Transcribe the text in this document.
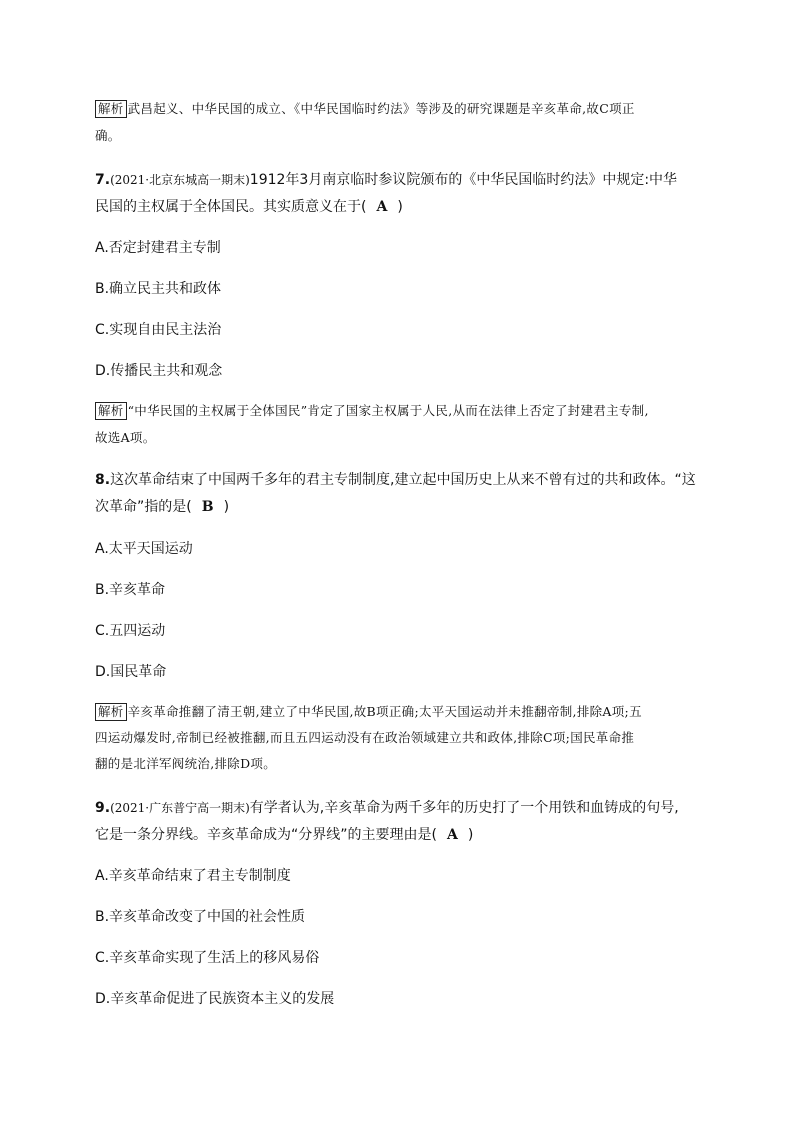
解析 武昌起义、中华民国的成立、《中华民国临时约法》等涉及的研究课题是辛亥革命,故C项正
确。
7.(2021·北京东城高一期末)1912年3月南京临时参议院颁布的《中华民国临时约法》中规定:中华
民国的主权属于全体国民。其实质意义在于( A )
A.否定封建君主专制
B.确立民主共和政体
C.实现自由民主法治
D.传播民主共和观念
解析 “中华民国的主权属于全体国民”肯定了国家主权属于人民,从而在法律上否定了封建君主专制,
故选A项。
8.这次革命结束了中国两千多年的君主专制制度,建立起中国历史上从来不曾有过的共和政体。“这
次革命”指的是( B )
A.太平天国运动
B.辛亥革命
C.五四运动
D.国民革命
解析 辛亥革命推翻了清王朝,建立了中华民国,故B项正确;太平天国运动并未推翻帝制,排除A项;五
四运动爆发时,帝制已经被推翻,而且五四运动没有在政治领域建立共和政体,排除C项;国民革命推
翻的是北洋军阀统治,排除D项。
9.(2021·广东普宁高一期末)有学者认为,辛亥革命为两千多年的历史打了一个用铁和血铸成的句号,
它是一条分界线。辛亥革命成为“分界线”的主要理由是( A )
A.辛亥革命结束了君主专制制度
B.辛亥革命改变了中国的社会性质
C.辛亥革命实现了生活上的移风易俗
D.辛亥革命促进了民族资本主义的发展
